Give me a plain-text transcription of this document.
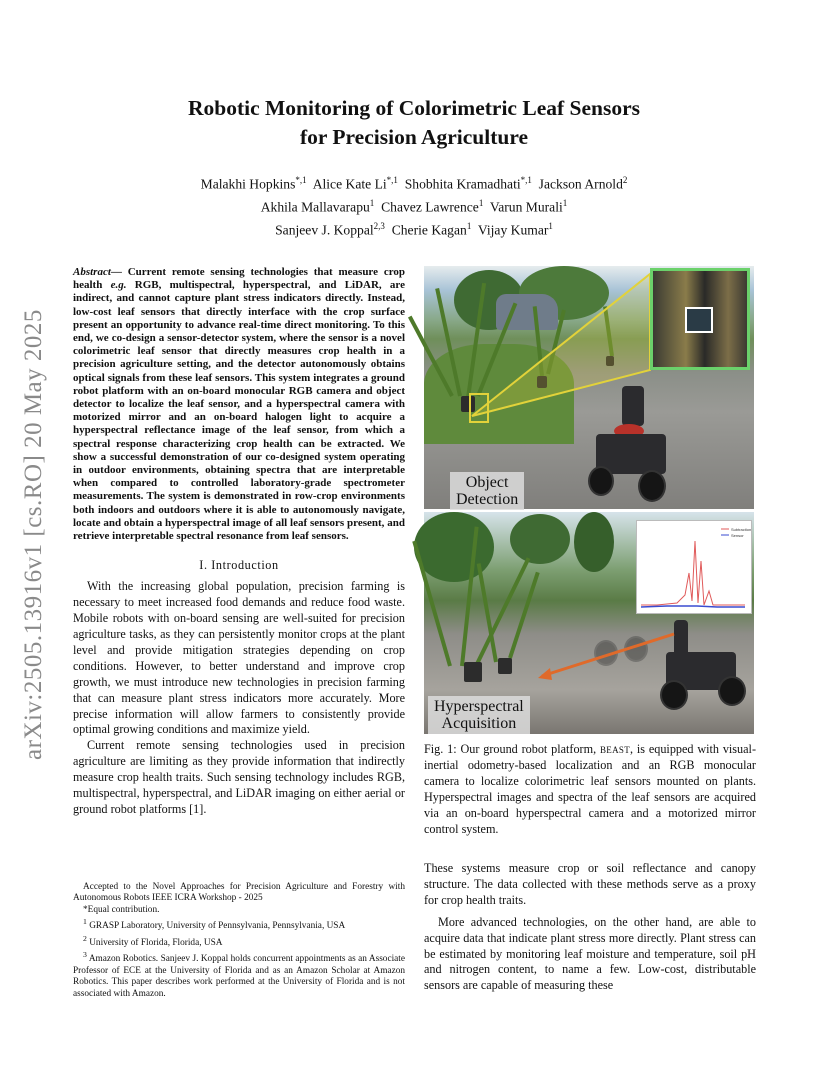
arXiv:2505.13916v1 [cs.RO] 20 May 2025
Robotic Monitoring of Colorimetric Leaf Sensors
for Precision Agriculture
Malakhi Hopkins$^{*,1}$ Alice Kate $Li^{*,1}$ Shobhita Kramadhati$^{*,1}$ Jackson Arnold$^2$
Akhila Mallavarapu$^1$ Chavez Lawrence$^1$ Varun Murali$^1$
Sanjeev J. Koppal$^{2,3}$ Cherie Kagan$^1$ Vijay Kumar$^1$

Abstract— Current remote sensing technologies that measure crop health e.g. RGB, multispectral, hyperspectral, and LiDAR, are indirect, and cannot capture plant stress indicators directly. Instead, low-cost leaf sensors that directly interface with the crop surface present an opportunity to advance real-time direct monitoring. To this end, we co-design a sensor-detector system, where the sensor is a novel colorimetric leaf sensor that directly measures crop health in a precision agriculture setting, and the detector autonomously obtains optical signals from these leaf sensors. This system integrates a ground robot platform with an on-board monocular RGB camera and object detector to localize the leaf sensor, and a hyperspectral camera with motorized mirror and an on-board halogen light to acquire a hyperspectral reflectance image of the leaf sensor, from which a spectral response characterizing crop health can be extracted. We show a successful demonstration of our co-designed system operating in outdoor environments, obtaining spectra that are interpretable when compared to controlled laboratory-grade spectrometer measurements. The system is demonstrated in row-crop environments both indoors and outdoors where it is able to autonomously navigate, locate and obtain a hyperspectral image of all leaf sensors present, and retrieve interpretable spectral resonance from leaf sensors.

I. Introduction

With the increasing global population, precision farming is necessary to meet increased food demands and reduce food waste. Mobile robots with on-board sensing are well-suited for precision agriculture tasks, as they can persistently monitor crops at the plant level and provide mitigation strategies depending on crop conditions. However, to better understand and improve crop growth, we must introduce new technologies in precision farming that can measure plant stress indicators more accurately. More precise information will allow farmers to consistently provide optimal growing conditions and maximize yield.

Current remote sensing technologies used in precision agriculture are limiting as they provide information that indirectly measure crop health traits. Such sensing technology includes RGB, multispectral, hyperspectral, and LiDAR imaging on either aerial or ground robot platforms [1].

Accepted to the Novel Approaches for Precision Agriculture and Forestry with Autonomous Robots IEEE ICRA Workshop - 2025

*Equal contribution.

$^1$ GRASP Laboratory, University of Pennsylvania, Pennsylvania, USA

$^2$ University of Florida, Florida, USA

$^3$ Amazon Robotics. Sanjeev J. Koppal holds concurrent appointments as an Associate Professor of ECE at the University of Florida and as an Amazon Scholar at Amazon Robotics. This paper describes work performed at the University of Florida and is not associated with Amazon.

Object
Detection
Subtraction
Sensor
Hyperspectral
Acquisition

Fig. 1: Our ground robot platform, beast, is equipped with visual-inertial odometry-based localization and an RGB monocular camera to localize colorimetric leaf sensors mounted on plants. Hyperspectral images and spectra of the leaf sensors are acquired via an on-board hyperspectral camera and a motorized mirror control system.

These systems measure crop or soil reflectance and canopy structure. The data collected with these methods serve as a proxy for crop health traits.

More advanced technologies, on the other hand, are able to acquire data that indicate plant stress more directly. Plant stress can be estimated by monitoring leaf moisture and temperature, soil pH and nitrogen content, to name a few. Low-cost, distributable sensors are capable of measuring these
